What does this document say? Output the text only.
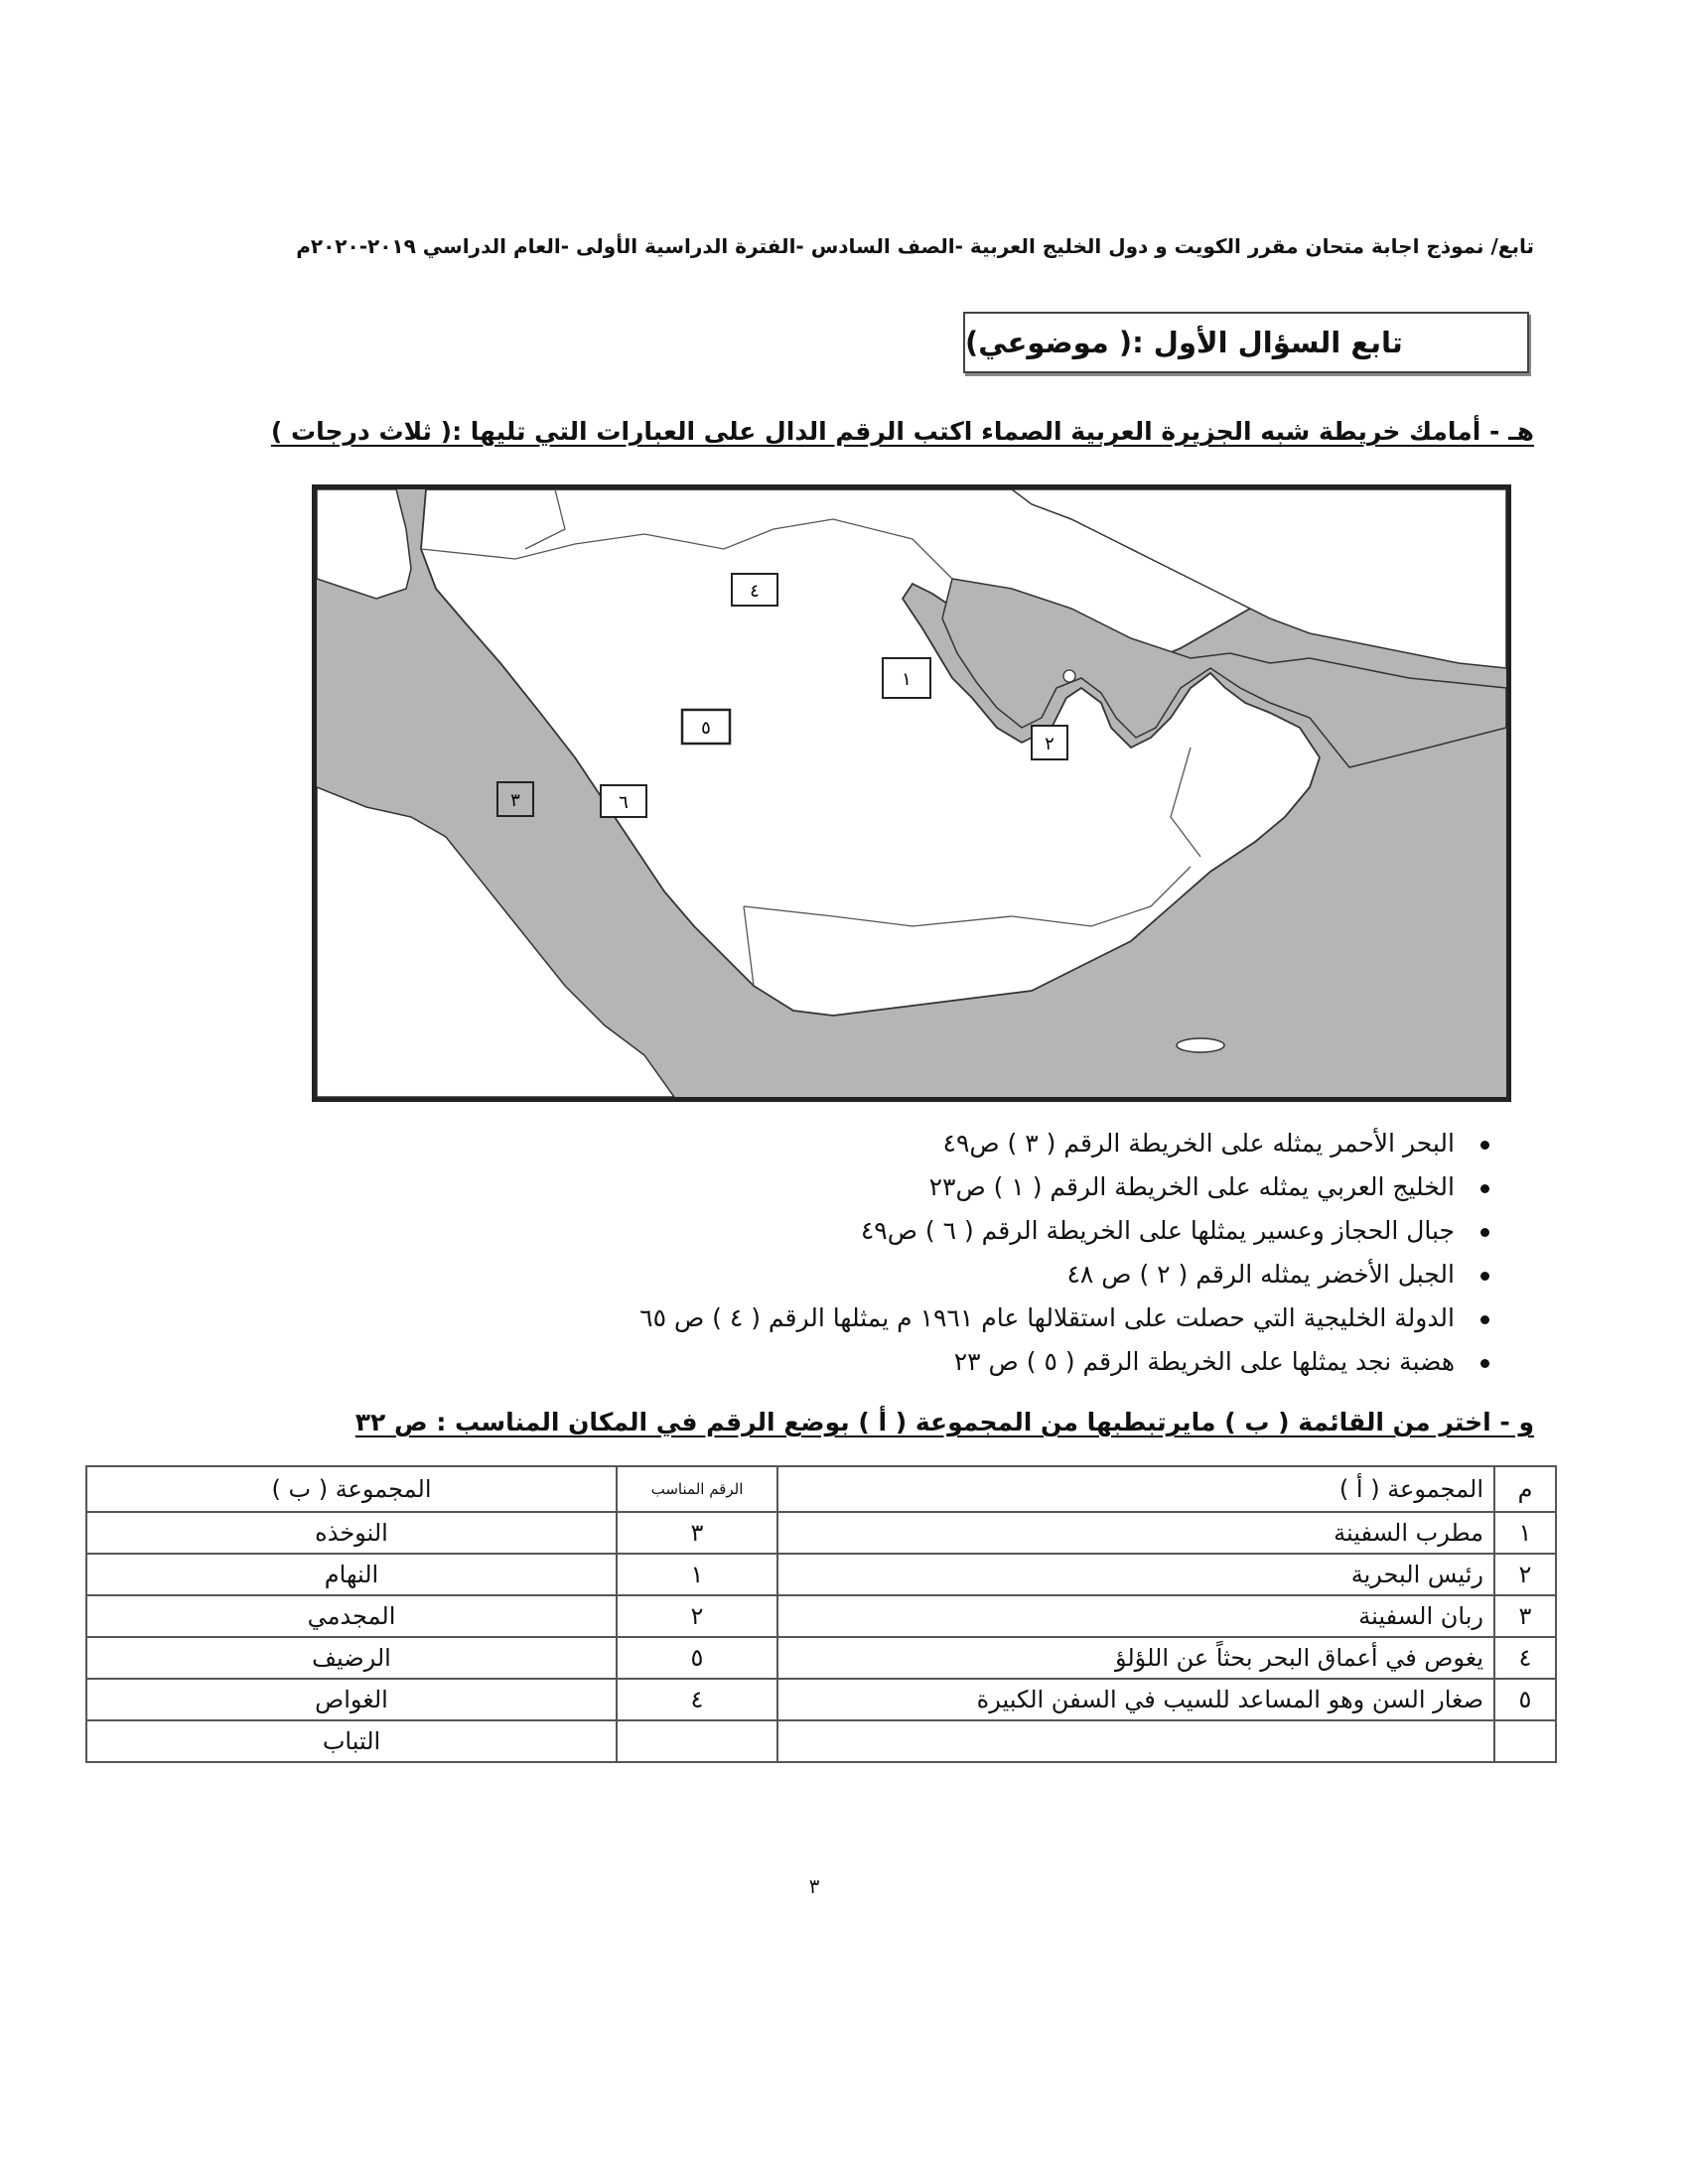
تابع/ نموذج اجابة متحان مقرر الكويت و دول الخليج العربية -الصف السادس -الفترة الدراسية الأولى -العام الدراسي ٢٠١٩-٢٠٢٠م
تابع السؤال الأول :( موضوعي)
هـ - أمامك خريطة شبه الجزيرة العربية الصماء اكتب الرقم الدال على العبارات التي تليها :( ثلاث درجات )
٤
١
٥
٢
٣	٦
البحر الأحمر يمثله على الخريطة الرقم ( ٣ ) ص٤٩
الخليج العربي يمثله على الخريطة الرقم ( ١ ) ص٢٣
جبال الحجاز وعسير يمثلها على الخريطة الرقم ( ٦ ) ص٤٩
الجبل الأخضر يمثله الرقم ( ٢ ) ص ٤٨
الدولة الخليجية التي حصلت على استقلالها عام ١٩٦١ م يمثلها الرقم ( ٤ ) ص ٦٥
هضبة نجد يمثلها على الخريطة الرقم ( ٥ ) ص ٢٣
و - اختر من القائمة ( ب ) مايرتبطبها من المجموعة ( أ ) بوضع الرقم في المكان المناسب : ص ٣٢
م	المجموعة ( أ )	الرقم المناسب	المجموعة ( ب )
١	مطرب السفينة	٣	النوخذه
٢	رئيس البحرية	١	النهام
٣	ربان السفينة	٢	المجدمي
٤	يغوص في أعماق البحر بحثاً عن اللؤلؤ	٥	الرضيف
٥	صغار السن وهو المساعد للسيب في السفن الكبيرة	٤	الغواص
			التباب
٣
